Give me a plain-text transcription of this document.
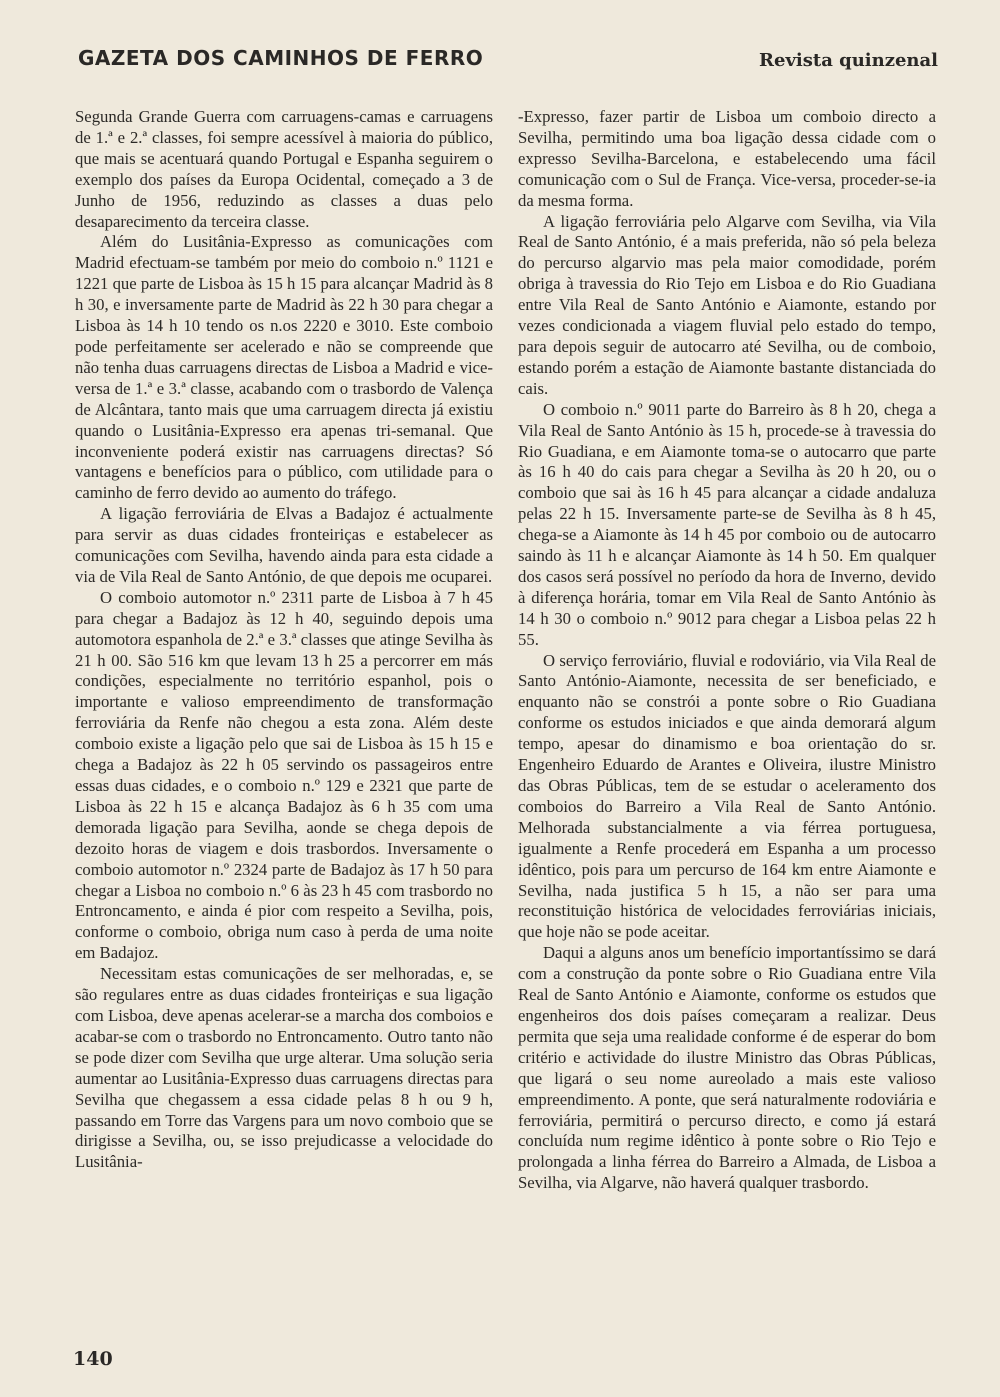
GAZETA DOS CAMINHOS DE FERRO	Revista quinzenal

Segunda Grande Guerra com carruagens-camas e carruagens de 1.ª e 2.ª classes, foi sempre acessível à maioria do público, que mais se acentuará quando Portugal e Espanha seguirem o exemplo dos países da Europa Ocidental, começado a 3 de Junho de 1956, reduzindo as classes a duas pelo desaparecimento da terceira classe.

Além do Lusitânia-Expresso as comunicações com Madrid efectuam-se também por meio do comboio n.º 1121 e 1221 que parte de Lisboa às 15 h 15 para alcançar Madrid às 8 h 30, e inversamente parte de Madrid às 22 h 30 para chegar a Lisboa às 14 h 10 tendo os n.os 2220 e 3010. Este comboio pode perfeitamente ser acelerado e não se compreende que não tenha duas carruagens directas de Lisboa a Madrid e vice-versa de 1.ª e 3.ª classe, acabando com o trasbordo de Valença de Alcântara, tanto mais que uma carruagem directa já existiu quando o Lusitânia-Expresso era apenas tri-semanal. Que inconveniente poderá existir nas carruagens directas? Só vantagens e benefícios para o público, com utilidade para o caminho de ferro devido ao aumento do tráfego.

A ligação ferroviária de Elvas a Badajoz é actualmente para servir as duas cidades fronteiriças e estabelecer as comunicações com Sevilha, havendo ainda para esta cidade a via de Vila Real de Santo António, de que depois me ocuparei.

O comboio automotor n.º 2311 parte de Lisboa à 7 h 45 para chegar a Badajoz às 12 h 40, seguindo depois uma automotora espanhola de 2.ª e 3.ª classes que atinge Sevilha às 21 h 00. São 516 km que levam 13 h 25 a percorrer em más condições, especialmente no território espanhol, pois o importante e valioso empreendimento de transformação ferroviária da Renfe não chegou a esta zona. Além deste comboio existe a ligação pelo que sai de Lisboa às 15 h 15 e chega a Badajoz às 22 h 05 servindo os passageiros entre essas duas cidades, e o comboio n.º 129 e 2321 que parte de Lisboa às 22 h 15 e alcança Badajoz às 6 h 35 com uma demorada ligação para Sevilha, aonde se chega depois de dezoito horas de viagem e dois trasbordos. Inversamente o comboio automotor n.º 2324 parte de Badajoz às 17 h 50 para chegar a Lisboa no comboio n.º 6 às 23 h 45 com trasbordo no Entroncamento, e ainda é pior com respeito a Sevilha, pois, conforme o comboio, obriga num caso à perda de uma noite em Badajoz.

Necessitam estas comunicações de ser melhoradas, e, se são regulares entre as duas cidades fronteiriças e sua ligação com Lisboa, deve apenas acelerar-se a marcha dos comboios e acabar-se com o trasbordo no Entroncamento. Outro tanto não se pode dizer com Sevilha que urge alterar. Uma solução seria aumentar ao Lusitânia-Expresso duas carruagens directas para Sevilha que chegassem a essa cidade pelas 8 h ou 9 h, passando em Torre das Vargens para um novo comboio que se dirigisse a Sevilha, ou, se isso prejudicasse a velocidade do Lusitânia-

-Expresso, fazer partir de Lisboa um comboio directo a Sevilha, permitindo uma boa ligação dessa cidade com o expresso Sevilha-Barcelona, e estabelecendo uma fácil comunicação com o Sul de França. Vice-versa, proceder-se-ia da mesma forma.

A ligação ferroviária pelo Algarve com Sevilha, via Vila Real de Santo António, é a mais preferida, não só pela beleza do percurso algarvio mas pela maior comodidade, porém obriga à travessia do Rio Tejo em Lisboa e do Rio Guadiana entre Vila Real de Santo António e Aiamonte, estando por vezes condicionada a viagem fluvial pelo estado do tempo, para depois seguir de autocarro até Sevilha, ou de comboio, estando porém a estação de Aiamonte bastante distanciada do cais.

O comboio n.º 9011 parte do Barreiro às 8 h 20, chega a Vila Real de Santo António às 15 h, procede-se à travessia do Rio Guadiana, e em Aiamonte toma-se o autocarro que parte às 16 h 40 do cais para chegar a Sevilha às 20 h 20, ou o comboio que sai às 16 h 45 para alcançar a cidade andaluza pelas 22 h 15. Inversamente parte-se de Sevilha às 8 h 45, chega-se a Aiamonte às 14 h 45 por comboio ou de autocarro saindo às 11 h e alcançar Aiamonte às 14 h 50. Em qualquer dos casos será possível no período da hora de Inverno, devido à diferença horária, tomar em Vila Real de Santo António às 14 h 30 o comboio n.º 9012 para chegar a Lisboa pelas 22 h 55.

O serviço ferroviário, fluvial e rodoviário, via Vila Real de Santo António-Aiamonte, necessita de ser beneficiado, e enquanto não se constrói a ponte sobre o Rio Guadiana conforme os estudos iniciados e que ainda demorará algum tempo, apesar do dinamismo e boa orientação do sr. Engenheiro Eduardo de Arantes e Oliveira, ilustre Ministro das Obras Públicas, tem de se estudar o aceleramento dos comboios do Barreiro a Vila Real de Santo António. Melhorada substancialmente a via férrea portuguesa, igualmente a Renfe procederá em Espanha a um processo idêntico, pois para um percurso de 164 km entre Aiamonte e Sevilha, nada justifica 5 h 15, a não ser para uma reconstituição histórica de velocidades ferroviárias iniciais, que hoje não se pode aceitar.

Daqui a alguns anos um benefício importantíssimo se dará com a construção da ponte sobre o Rio Guadiana entre Vila Real de Santo António e Aiamonte, conforme os estudos que engenheiros dos dois países começaram a realizar. Deus permita que seja uma realidade conforme é de esperar do bom critério e actividade do ilustre Ministro das Obras Públicas, que ligará o seu nome aureolado a mais este valioso empreendimento. A ponte, que será naturalmente rodoviária e ferroviária, permitirá o percurso directo, e como já estará concluída num regime idêntico à ponte sobre o Rio Tejo e prolongada a linha férrea do Barreiro a Almada, de Lisboa a Sevilha, via Algarve, não haverá qualquer trasbordo.

140
